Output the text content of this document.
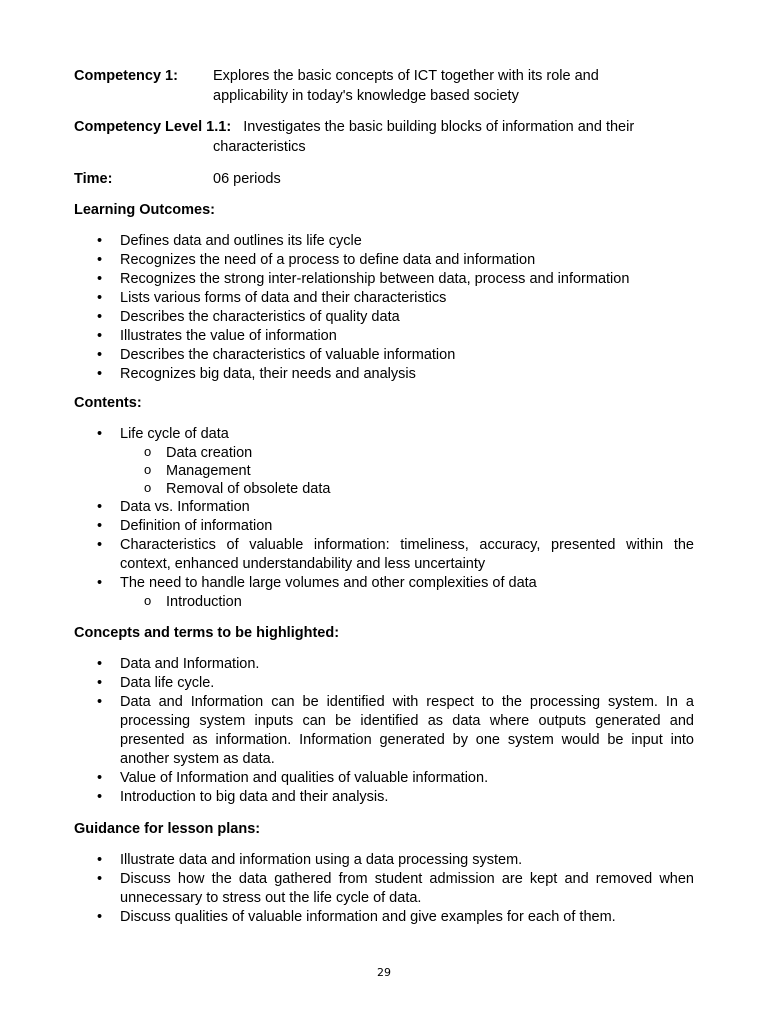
Competency 1:	Explores the basic concepts of ICT together with its role and
applicability in today's knowledge based society
Competency Level 1.1: Investigates the basic building blocks of information and their
characteristics
Time:	06 periods
Learning Outcomes:
• Defines data and outlines its life cycle
• Recognizes the need of a process to define data and information
• Recognizes the strong inter-relationship between data, process and information
• Lists various forms of data and their characteristics
• Describes the characteristics of quality data
• Illustrates the value of information
• Describes the characteristics of valuable information
• Recognizes big data, their needs and analysis
Contents:
• Life cycle of data
o Data creation
o Management
o Removal of obsolete data
• Data vs. Information
• Definition of information
• Characteristics of valuable information: timeliness, accuracy, presented within the context, enhanced understandability and less uncertainty
• The need to handle large volumes and other complexities of data
o Introduction
Concepts and terms to be highlighted:
• Data and Information.
• Data life cycle.
• Data and Information can be identified with respect to the processing system. In a processing system inputs can be identified as data where outputs generated and presented as information. Information generated by one system would be input into another system as data.
• Value of Information and qualities of valuable information.
• Introduction to big data and their analysis.
Guidance for lesson plans:
• Illustrate data and information using a data processing system.
• Discuss how the data gathered from student admission are kept and removed when unnecessary to stress out the life cycle of data.
• Discuss qualities of valuable information and give examples for each of them.
29
